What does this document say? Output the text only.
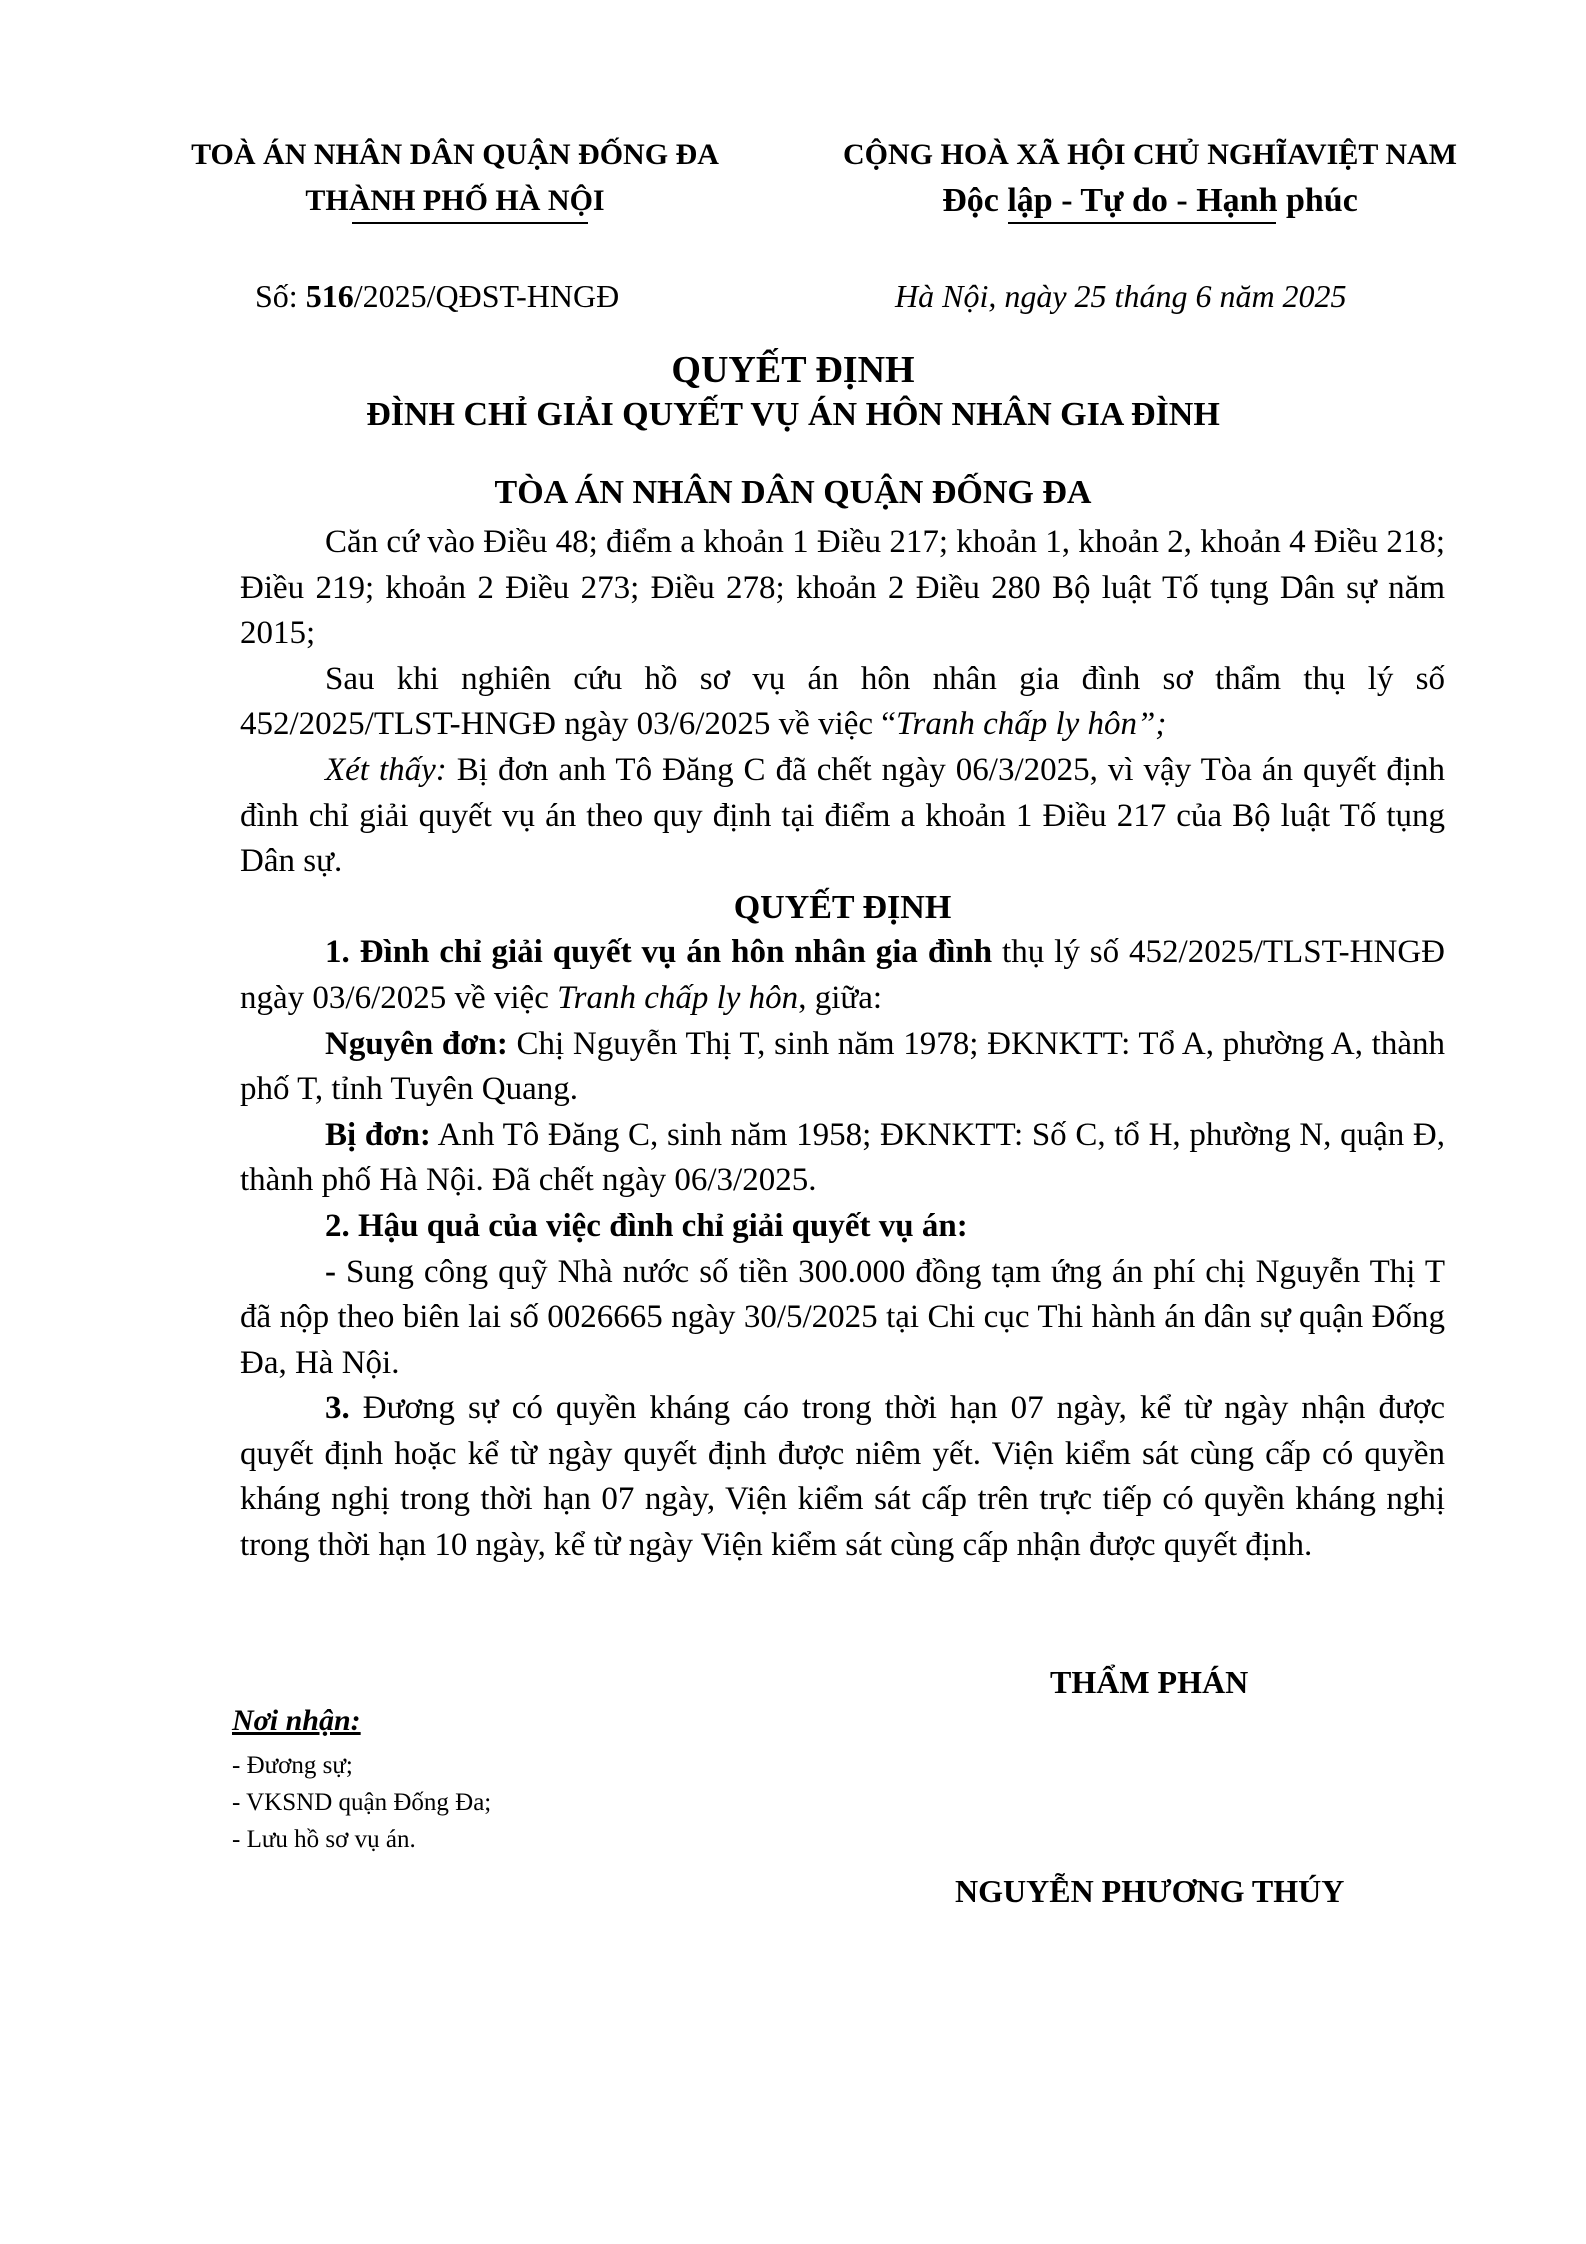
TOÀ ÁN NHÂN DÂN QUẬN ĐỐNG ĐA
THÀNH PHỐ HÀ NỘI
CỘNG HOÀ XÃ HỘI CHỦ NGHĨAVIỆT NAM
Độc lập - Tự do - Hạnh phúc
Số: 516/2025/QĐST-HNGĐ	Hà Nội, ngày 25 tháng 6 năm 2025
QUYẾT ĐỊNH
ĐÌNH CHỈ GIẢI QUYẾT VỤ ÁN HÔN NHÂN GIA ĐÌNH
TÒA ÁN NHÂN DÂN QUẬN ĐỐNG ĐA

Căn cứ vào Điều 48; điểm a khoản 1 Điều 217; khoản 1, khoản 2, khoản 4 Điều 218; Điều 219; khoản 2 Điều 273; Điều 278; khoản 2 Điều 280 Bộ luật Tố tụng Dân sự năm 2015;

Sau khi nghiên cứu hồ sơ vụ án hôn nhân gia đình sơ thẩm thụ lý số 452/2025/TLST-HNGĐ ngày 03/6/2025 về việc “Tranh chấp ly hôn”;

Xét thấy: Bị đơn anh Tô Đăng C đã chết ngày 06/3/2025, vì vậy Tòa án quyết định đình chỉ giải quyết vụ án theo quy định tại điểm a khoản 1 Điều 217 của Bộ luật Tố tụng Dân sự.

QUYẾT ĐỊNH

1. Đình chỉ giải quyết vụ án hôn nhân gia đình thụ lý số 452/2025/TLST-HNGĐ ngày 03/6/2025 về việc Tranh chấp ly hôn, giữa:

Nguyên đơn: Chị Nguyễn Thị T, sinh năm 1978; ĐKNKTT: Tổ A, phường A, thành phố T, tỉnh Tuyên Quang.

Bị đơn: Anh Tô Đăng C, sinh năm 1958; ĐKNKTT: Số C, tổ H, phường N, quận Đ, thành phố Hà Nội. Đã chết ngày 06/3/2025.

2. Hậu quả của việc đình chỉ giải quyết vụ án:

- Sung công quỹ Nhà nước số tiền 300.000 đồng tạm ứng án phí chị Nguyễn Thị T đã nộp theo biên lai số 0026665 ngày 30/5/2025 tại Chi cục Thi hành án dân sự quận Đống Đa, Hà Nội.

3. Đương sự có quyền kháng cáo trong thời hạn 07 ngày, kể từ ngày nhận được quyết định hoặc kể từ ngày quyết định được niêm yết. Viện kiểm sát cùng cấp có quyền kháng nghị trong thời hạn 07 ngày, Viện kiểm sát cấp trên trực tiếp có quyền kháng nghị trong thời hạn 10 ngày, kể từ ngày Viện kiểm sát cùng cấp nhận được quyết định.

THẨM PHÁN
Nơi nhận:
- Đương sự;
- VKSND quận Đống Đa;
- Lưu hồ sơ vụ án.
NGUYỄN PHƯƠNG THÚY
